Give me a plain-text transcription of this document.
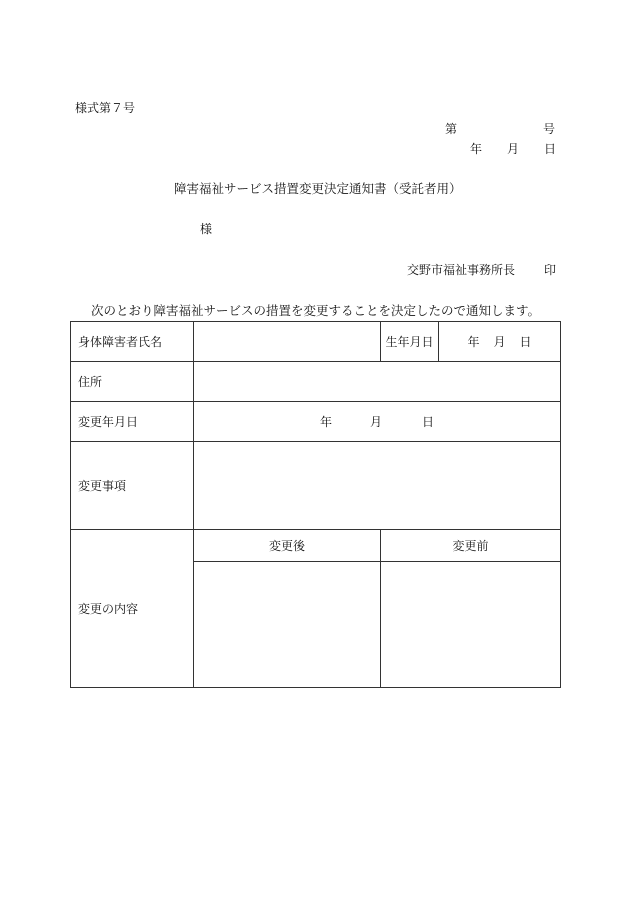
様式第７号
第	号
年 月 日
障害福祉サービス措置変更決定通知書（受託者用）
様
交野市福祉事務所長 印
次のとおり障害福祉サービスの措置を変更することを決定したので通知します。
身体障害者氏名		生年月日	年 月 日
住所			
変更年月日	年 月 日		
変更事項			
変更の内容	変更後	変更前	
